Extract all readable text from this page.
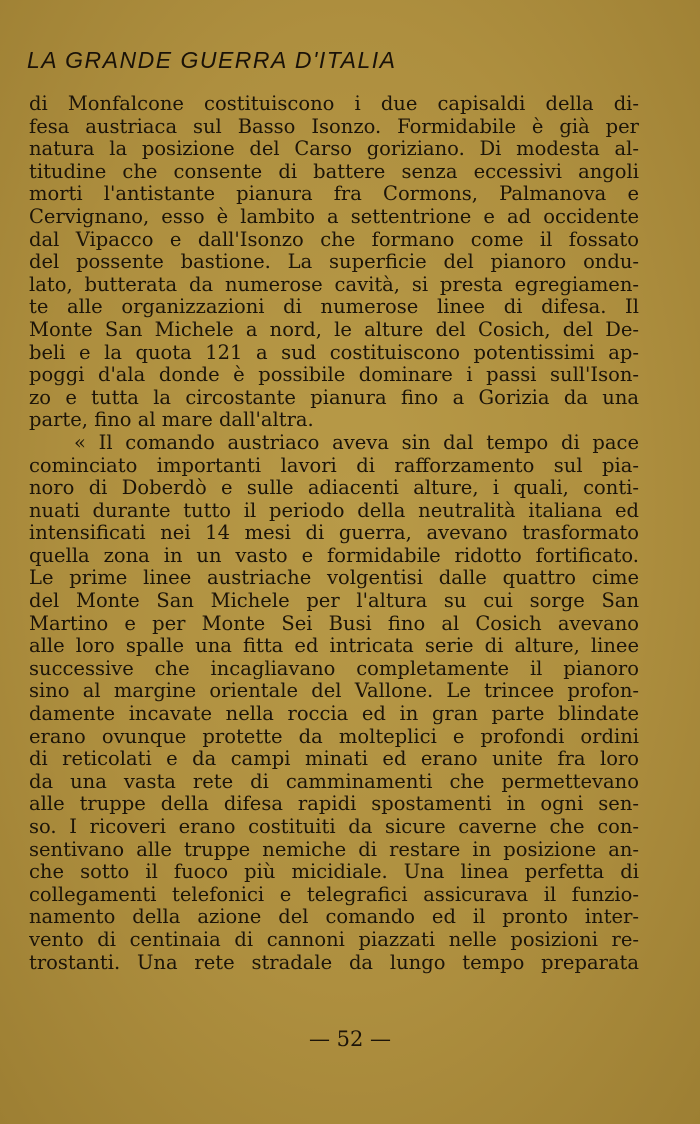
LA GRANDE GUERRA D'ITALIA
di Monfalcone costituiscono i due capisaldi della di-
fesa austriaca sul Basso Isonzo. Formidabile è già per
natura la posizione del Carso goriziano. Di modesta al-
titudine che consente di battere senza eccessivi angoli
morti l'antistante pianura fra Cormons, Palmanova e
Cervignano, esso è lambito a settentrione e ad occidente
dal Vipacco e dall'Isonzo che formano come il fossato
del possente bastione. La superficie del pianoro ondu-
lato, butterata da numerose cavità, si presta egregiamen-
te alle organizzazioni di numerose linee di difesa. Il
Monte San Michele a nord, le alture del Cosich, del De-
beli e la quota 121 a sud costituiscono potentissimi ap-
poggi d'ala donde è possibile dominare i passi sull'Ison-
zo e tutta la circostante pianura fino a Gorizia da una
parte, fino al mare dall'altra.
« Il comando austriaco aveva sin dal tempo di pace
cominciato importanti lavori di rafforzamento sul pia-
noro di Doberdò e sulle adiacenti alture, i quali, conti-
nuati durante tutto il periodo della neutralità italiana ed
intensificati nei 14 mesi di guerra, avevano trasformato
quella zona in un vasto e formidabile ridotto fortificato.
Le prime linee austriache volgentisi dalle quattro cime
del Monte San Michele per l'altura su cui sorge San
Martino e per Monte Sei Busi fino al Cosich avevano
alle loro spalle una fitta ed intricata serie di alture, linee
successive che incagliavano completamente il pianoro
sino al margine orientale del Vallone. Le trincee profon-
damente incavate nella roccia ed in gran parte blindate
erano ovunque protette da molteplici e profondi ordini
di reticolati e da campi minati ed erano unite fra loro
da una vasta rete di camminamenti che permettevano
alle truppe della difesa rapidi spostamenti in ogni sen-
so. I ricoveri erano costituiti da sicure caverne che con-
sentivano alle truppe nemiche di restare in posizione an-
che sotto il fuoco più micidiale. Una linea perfetta di
collegamenti telefonici e telegrafici assicurava il funzio-
namento della azione del comando ed il pronto inter-
vento di centinaia di cannoni piazzati nelle posizioni re-
trostanti. Una rete stradale da lungo tempo preparata
— 52 —
